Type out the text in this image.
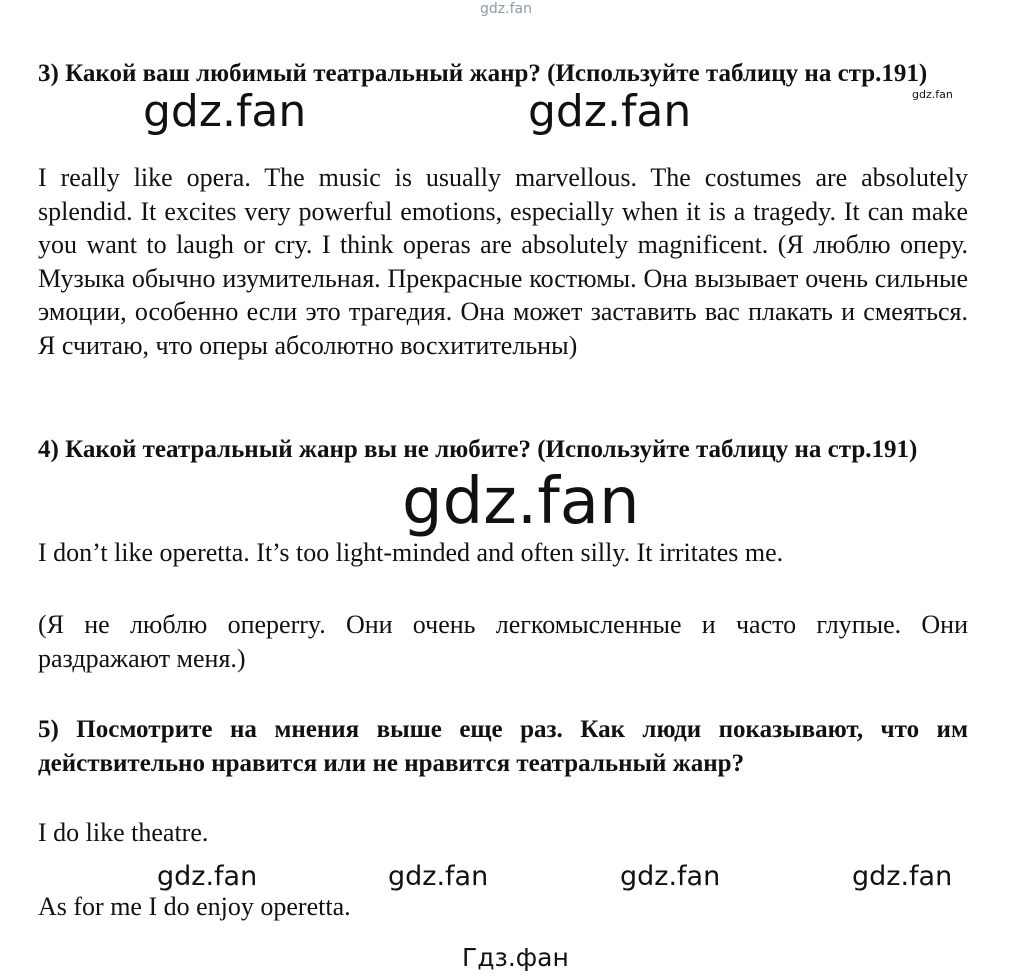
3) Какой ваш любимый театральный жанр? (Используйте таблицу на стр.191)
I really like opera. The music is usually marvellous. The costumes are absolutely splendid. It excites very powerful emotions, especially when it is a tragedy. It can make you want to laugh or cry. I think operas are absolutely magnificent. (Я люблю оперу. Музыка обычно изумительная. Прекрасные костюмы. Она вызывает очень сильные эмоции, особенно если это трагедия. Она может заставить вас плакать и смеяться. Я считаю, что оперы абсолютно восхитительны)
4) Какой театральный жанр вы не любите? (Используйте таблицу на стр.191)
I don’t like operetta. It’s too light-minded and often silly. It irritates me.
(Я не люблю опeperry. Они очень легкомысленные и часто глупые. Они раздражают меня.)
5) Посмотрите на мнения выше еще раз. Как люди показывают, что им действительно нравится или не нравится театральный жанр?
I do like theatre.
As for me I do enjoy operetta.
gdz.fan
gdz.fan
gdz.fan	gdz.fan
gdz.fan
gdz.fan	gdz.fan	gdz.fan	gdz.fan
Гдз.фан
